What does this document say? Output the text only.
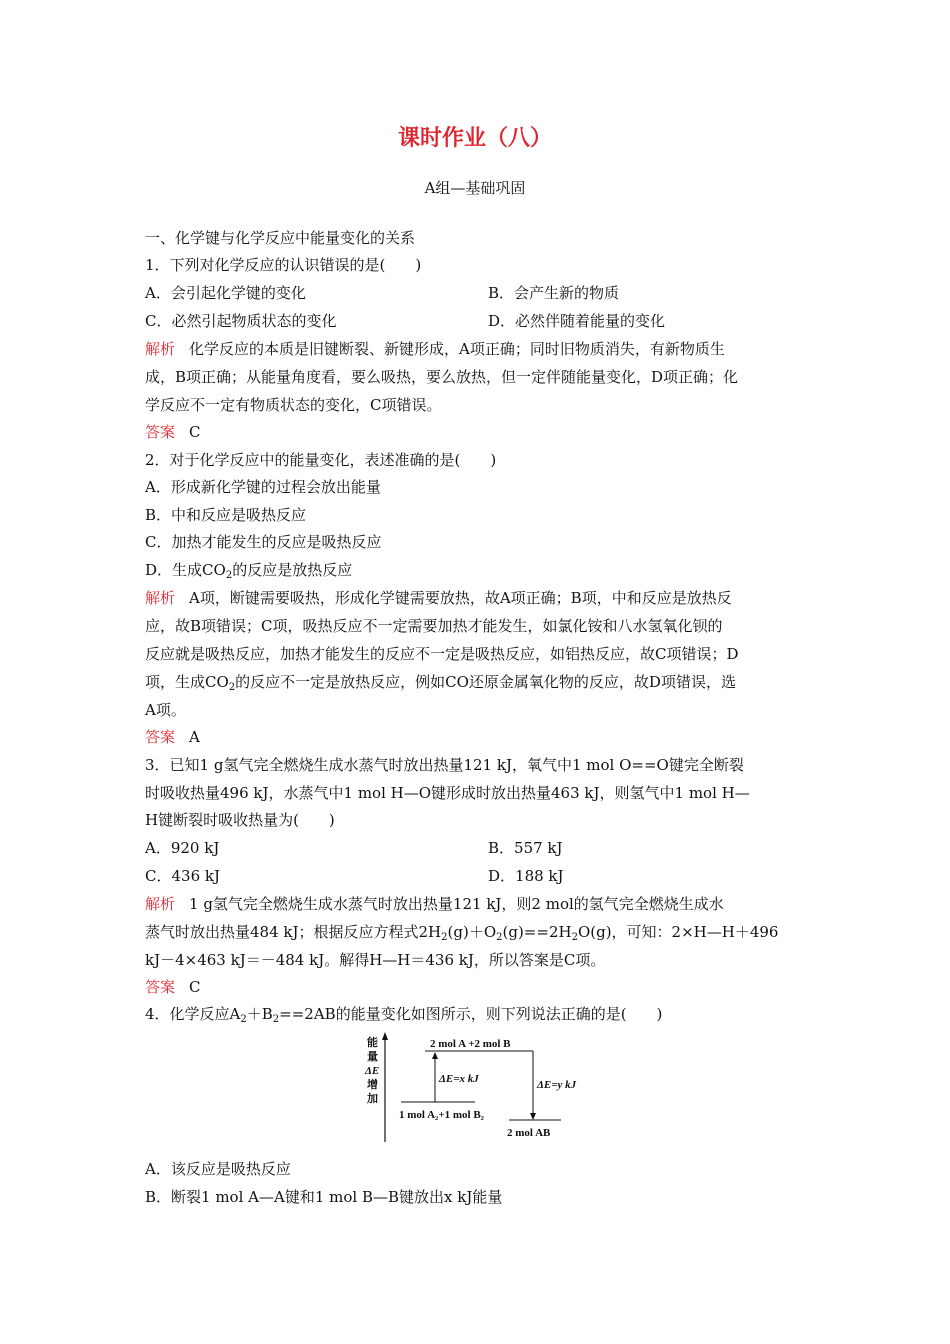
课时作业（八）
A组—基础巩固
一、化学键与化学反应中能量变化的关系
1．下列对化学反应的认识错误的是(　　)
A．会引起化学键的变化	B．会产生新的物质
C．必然引起物质状态的变化	D．必然伴随着能量的变化
解析 化学反应的本质是旧键断裂、新键形成，A项正确；同时旧物质消失，有新物质生
成，B项正确；从能量角度看，要么吸热，要么放热，但一定伴随能量变化，D项正确；化
学反应不一定有物质状态的变化，C项错误。
答案 C
2．对于化学反应中的能量变化，表述准确的是(　　)
A．形成新化学键的过程会放出能量
B．中和反应是吸热反应
C．加热才能发生的反应是吸热反应
D．生成$CO_2$的反应是放热反应
解析 A项，断键需要吸热，形成化学键需要放热，故A项正确；B项，中和反应是放热反
应，故B项错误；C项，吸热反应不一定需要加热才能发生，如氯化铵和八水氢氧化钡的
反应就是吸热反应，加热才能发生的反应不一定是吸热反应，如铝热反应，故C项错误；D
项，生成$CO_2$的反应不一定是放热反应，例如CO还原金属氧化物的反应，故D项错误，选
A项。
答案 A
3．已知1 g氢气完全燃烧生成水蒸气时放出热量121 kJ，氧气中1 mol O==O键完全断裂
时吸收热量496 kJ，水蒸气中1 mol H—O键形成时放出热量463 kJ，则氢气中1 mol H—
H键断裂时吸收热量为(　　)
A．920 kJ	B．557 kJ
C．436 kJ	D．188 kJ
解析 1 g氢气完全燃烧生成水蒸气时放出热量121 kJ，则2 mol的氢气完全燃烧生成水
蒸气时放出热量484 kJ；根据反应方程式$2H_2(g)+O_2(g)==2H_2O(g)$，可知：2×H—H＋496
kJ－4×463 kJ＝－484 kJ。解得H—H＝436 kJ，所以答案是C项。
答案 C
4．化学反应$A_2+B_2==2AB$的能量变化如图所示，则下列说法正确的是(　　)
能
量
ΔE
增
加
2 mol A +2 mol B
1 mol A₂+1 mol B₂
2 mol AB
ΔE=x kJ	ΔE=y kJ
A．该反应是吸热反应
B．断裂1 mol A—A键和1 mol B—B键放出x kJ能量
